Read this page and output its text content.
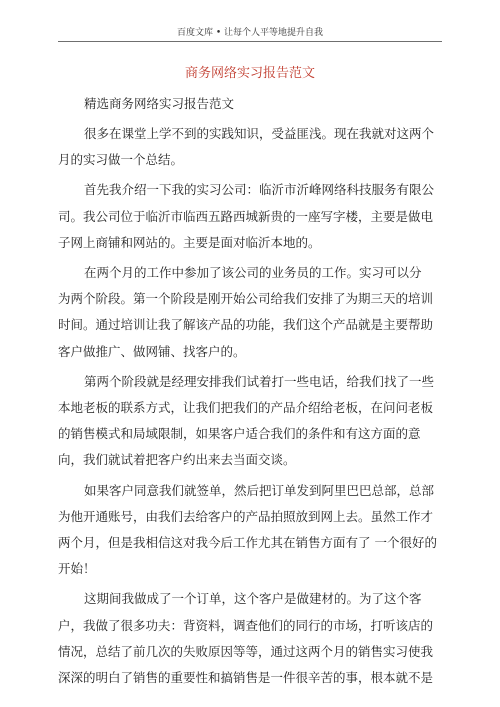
百度文库 • 让每个人平等地提升自我
商务网络实习报告范文

精选商务网络实习报告范文

很多在课堂上学不到的实践知识，受益匪浅。现在我就对这两个
月的实习做一个总结。

首先我介绍一下我的实习公司：临沂市沂峰网络科技服务有限公
司。我公司位于临沂市临西五路西城新贵的一座写字楼，主要是做电
子网上商铺和网站的。主要是面对临沂本地的。

在两个月的工作中参加了该公司的业务员的工作。实习可以分
为两个阶段。第一个阶段是刚开始公司给我们安排了为期三天的培训
时间。通过培训让我了解该产品的功能，我们这个产品就是主要帮助
客户做推广、做网铺、找客户的。

第两个阶段就是经理安排我们试着打一些电话，给我们找了一些
本地老板的联系方式，让我们把我们的产品介绍给老板，在问问老板
的销售模式和局域限制，如果客户适合我们的条件和有这方面的意
向，我们就试着把客户约出来去当面交谈。

如果客户同意我们就签单，然后把订单发到阿里巴巴总部，总部
为他开通账号，由我们去给客户的产品拍照放到网上去。虽然工作才
两个月，但是我相信这对我今后工作尤其在销售方面有了 一个很好的
开始！

这期间我做成了一个订单，这个客户是做建材的。为了这个客
户，我做了很多功夫：背资料，调查他们的同行的市场，打听该店的
情况，总结了前几次的失败原因等等，通过这两个月的销售实习使我
深深的明白了销售的重要性和搞销售是一件很辛苦的事，根本就不是
